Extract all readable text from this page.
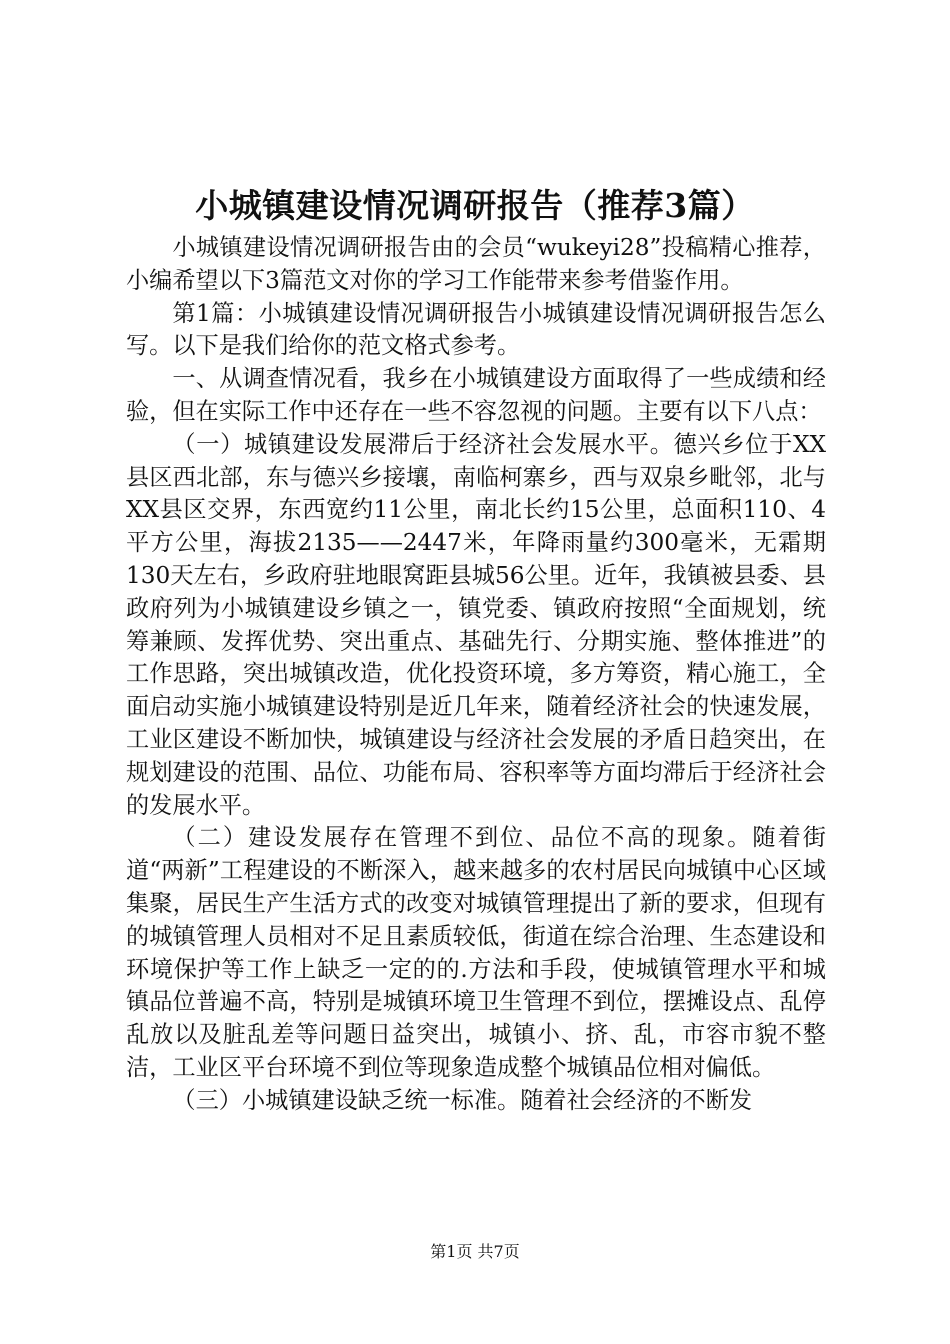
小城镇建设情况调研报告（推荐3篇）

小城镇建设情况调研报告由的会员“wukeyi28”投稿精心推荐，小编希望以下3篇范文对你的学习工作能带来参考借鉴作用。

第1篇：小城镇建设情况调研报告小城镇建设情况调研报告怎么写。以下是我们给你的范文格式参考。

一、从调查情况看，我乡在小城镇建设方面取得了一些成绩和经验，但在实际工作中还存在一些不容忽视的问题。主要有以下八点：

（一）城镇建设发展滞后于经济社会发展水平。德兴乡位于XX县区西北部，东与德兴乡接壤，南临柯寨乡，西与双泉乡毗邻，北与XX县区交界，东西宽约11公里，南北长约15公里，总面积110、4平方公里，海拔2135——2447米，年降雨量约300毫米，无霜期130天左右，乡政府驻地眼窝距县城56公里。近年，我镇被县委、县政府列为小城镇建设乡镇之一，镇党委、镇政府按照“全面规划，统筹兼顾、发挥优势、突出重点、基础先行、分期实施、整体推进”的工作思路，突出城镇改造，优化投资环境，多方筹资，精心施工，全面启动实施小城镇建设特别是近几年来，随着经济社会的快速发展，工业区建设不断加快，城镇建设与经济社会发展的矛盾日趋突出，在规划建设的范围、品位、功能布局、容积率等方面均滞后于经济社会的发展水平。

（二）建设发展存在管理不到位、品位不高的现象。随着街道“两新”工程建设的不断深入，越来越多的农村居民向城镇中心区域集聚，居民生产生活方式的改变对城镇管理提出了新的要求，但现有的城镇管理人员相对不足且素质较低，街道在综合治理、生态建设和环境保护等工作上缺乏一定的的.方法和手段，使城镇管理水平和城镇品位普遍不高，特别是城镇环境卫生管理不到位，摆摊设点、乱停乱放以及脏乱差等问题日益突出，城镇小、挤、乱，市容市貌不整洁，工业区平台环境不到位等现象造成整个城镇品位相对偏低。

（三）小城镇建设缺乏统一标准。随着社会经济的不断发

第1页 共7页
